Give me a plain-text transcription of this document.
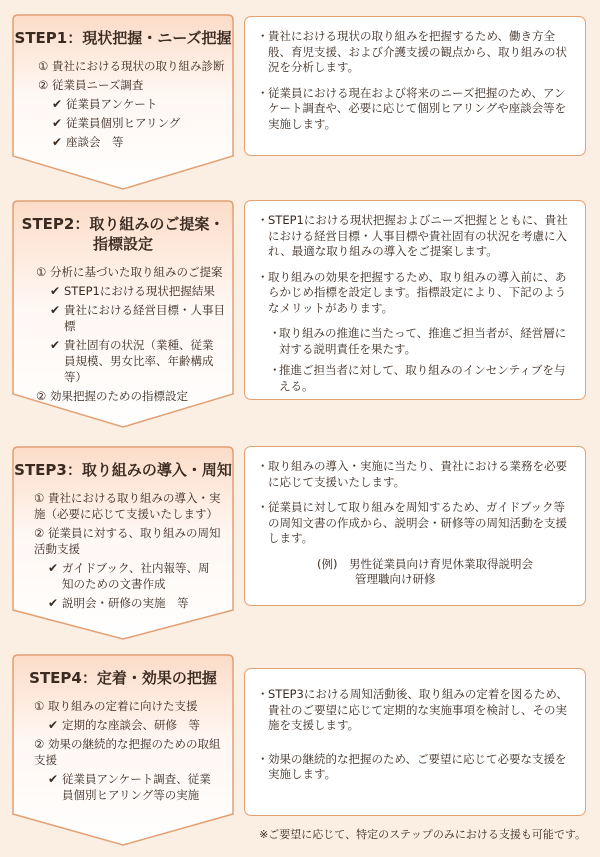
STEP1：現状把握・ニーズ把握
① 貴社における現状の取り組み診断
② 従業員ニーズ調査
✔ 従業員アンケート
✔ 従業員個別ヒアリング
✔ 座談会　等
・ 貴社における現状の取り組みを把握するため、働き方全般、育児支援、および介護支援の観点から、取り組みの状況を分析します。
・ 従業員における現在および将来のニーズ把握のため、アンケート調査や、必要に応じて個別ヒアリングや座談会等を実施します。
STEP2：取り組みのご提案・
指標設定
① 分析に基づいた取り組みのご提案
✔ STEP1における現状把握結果
✔ 貴社における経営目標・人事目標
✔ 貴社固有の状況（業種、従業員規模、男女比率、年齢構成等）
② 効果把握のための指標設定
・ STEP1における現状把握およびニーズ把握とともに、貴社における経営目標・人事目標や貴社固有の状況を考慮に入れ、最適な取り組みの導入をご提案します。
・ 取り組みの効果を把握するため、取り組みの導入前に、あらかじめ指標を設定します。指標設定により、下記のようなメリットがあります。
・
取り組みの推進に当たって、推進ご担当者が、経営層に対する説明責任を果たす。
・
推進ご担当者に対して、取り組みのインセンティブを与える。
STEP3：取り組みの導入・周知
① 貴社における取り組みの導入・実施（必要に応じて支援いたします）
② 従業員に対する、取り組みの周知活動支援
✔ ガイドブック、社内報等、周知のための文書作成
✔ 説明会・研修の実施　等
・ 取り組みの導入・実施に当たり、貴社における業務を必要に応じて支援いたします。
・ 従業員に対して取り組みを周知するため、ガイドブック等の周知文書の作成から、説明会・研修等の周知活動を支援します。
(例)　男性従業員向け育児休業取得説明会
管理職向け研修
STEP4：定着・効果の把握
① 取り組みの定着に向けた支援
✔ 定期的な座談会、研修　等
② 効果の継続的な把握のための取組支援
✔ 従業員アンケート調査、従業員個別ヒアリング等の実施
・ STEP3における周知活動後、取り組みの定着を図るため、貴社のご要望に応じて定期的な実施事項を検討し、その実施を支援します。
・ 効果の継続的な把握のため、ご要望に応じて必要な支援を実施します。
※ご要望に応じて、特定のステップのみにおける支援も可能です。
